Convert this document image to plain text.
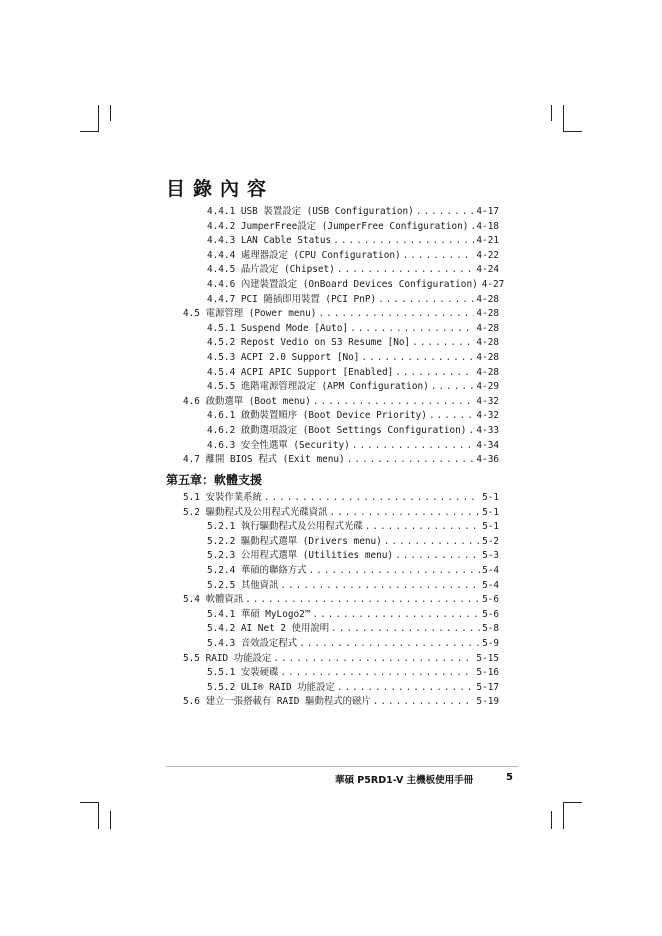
目錄內容
4.4.1 USB 裝置設定 (USB Configuration) .....	4-17
4.4.2 JumperFree設定 (JumperFree Configuration) ..... 4-18
4.4.3 LAN Cable Status .....	4-21
4.4.4 處理器設定 (CPU Configuration) .....	4-22
4.4.5 晶片設定 (Chipset) .....	4-24
4.4.6 內建裝置設定 (OnBoard Devices Configuration) 4-27
4.4.7 PCI 隨插即用裝置 (PCI PnP) .....	4-28
4.5 電源管理 (Power menu) .....	4-28
4.5.1 Suspend Mode [Auto] .....	4-28
4.5.2 Repost Vedio on S3 Resume [No] .....	4-28
4.5.3 ACPI 2.0 Support [No] .....	4-28
4.5.4 ACPI APIC Support [Enabled] .....	4-28
4.5.5 進階電源管理設定 (APM Configuration) .....	4-29
4.6 啟動選單 (Boot menu) .....	4-32
4.6.1 啟動裝置順序 (Boot Device Priority) .....	4-32
4.6.2 啟動選項設定 (Boot Settings Configuration) ..... 4-33
4.6.3 安全性選單 (Security) .....	4-34
4.7 離開 BIOS 程式 (Exit menu) .....	4-36
第五章：軟體支援
5.1 安裝作業系統 .....	5-1
5.2 驅動程式及公用程式光碟資訊 .....	5-1
5.2.1 執行驅動程式及公用程式光碟 .....	5-1
5.2.2 驅動程式選單 (Drivers menu) .....	5-2
5.2.3 公用程式選單 (Utilities menu) .....	5-3
5.2.4 華碩的聯絡方式 .....	5-4
5.2.5 其他資訊 .....	5-4
5.4 軟體資訊 .....	5-6
5.4.1 華碩 MyLogo2™ .....	5-6
5.4.2 AI Net 2 使用說明 .....	5-8
5.4.3 音效設定程式 .....	5-9
5.5 RAID 功能設定 .....	5-15
5.5.1 安裝硬碟 .....	5-16
5.5.2 ULI® RAID 功能設定 .....	5-17
5.6 建立一張搭載有 RAID 驅動程式的磁片 .....	5-19
華碩 P5RD1-V 主機板使用手冊	5
